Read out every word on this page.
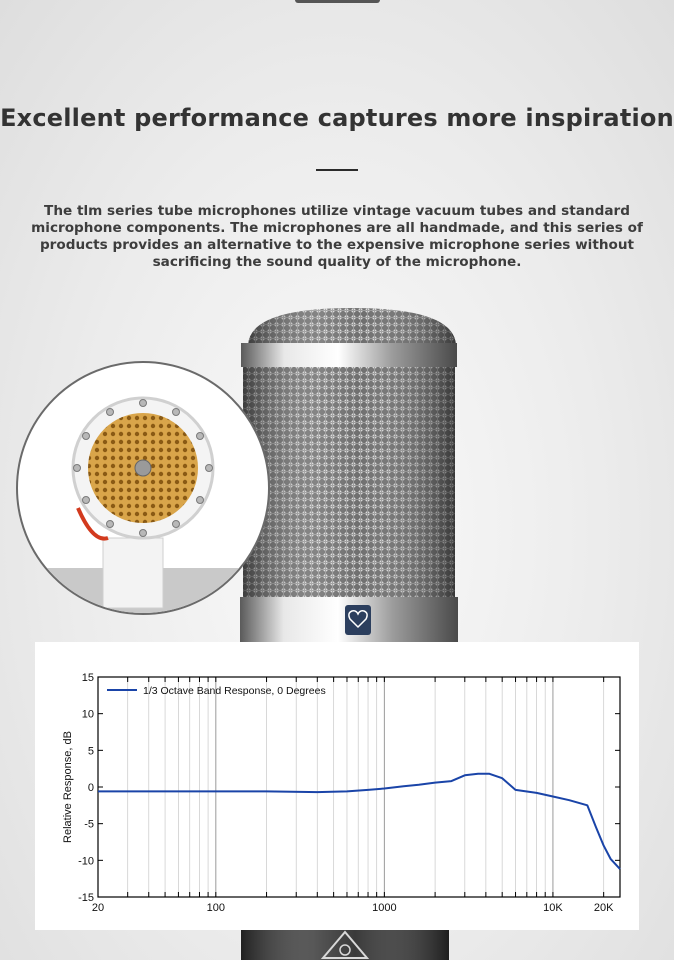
Excellent performance captures more inspiration

The tlm series tube microphones utilize vintage vacuum tubes and standard microphone components. The microphones are all handmade, and this series of products provides an alternative to the expensive microphone series without sacrificing the sound quality of the microphone.

15
10
5
0
-5
-10
-15
20	100	1000	10K	20K
Relative Response, dB
1/3 Octave Band Response, 0 Degrees
